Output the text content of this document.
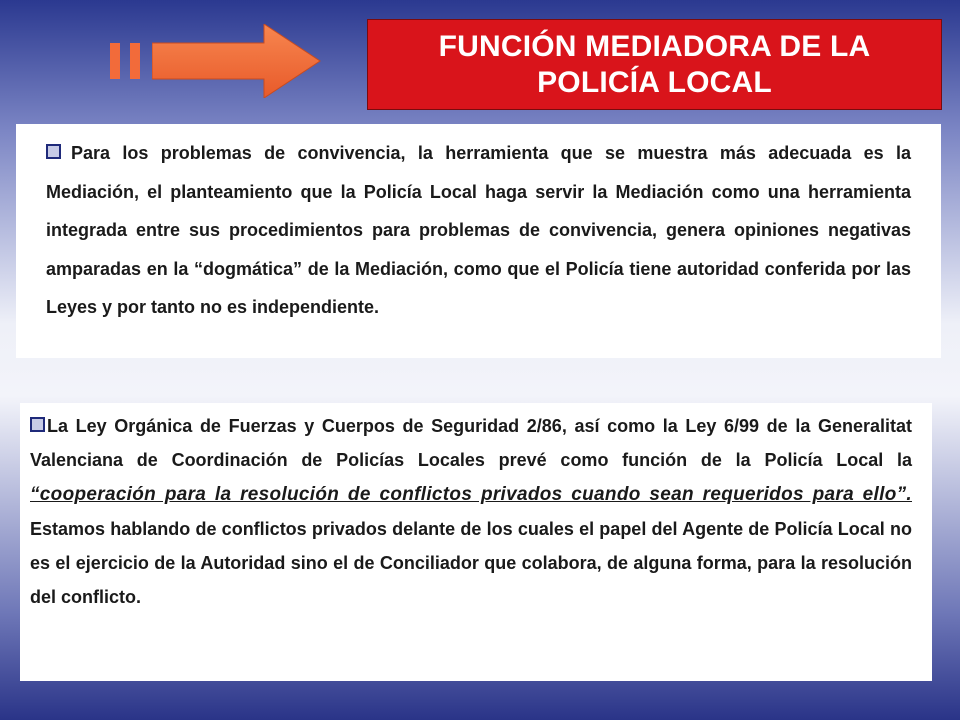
FUNCIÓN MEDIADORA DE LA
POLICÍA LOCAL
Para los problemas de convivencia, la herramienta que se muestra más adecuada es la Mediación, el planteamiento que la Policía Local haga servir la Mediación como una herramienta integrada entre sus procedimientos para problemas de convivencia, genera opiniones negativas amparadas en la “dogmática” de la Mediación, como que el Policía tiene autoridad conferida por las Leyes y por tanto no es independiente.
La Ley Orgánica de Fuerzas y Cuerpos de Seguridad 2/86, así como la Ley 6/99 de la Generalitat Valenciana de Coordinación de Policías Locales prevé como función de la Policía Local la “cooperación para la resolución de conflictos privados cuando sean requeridos para ello”. Estamos hablando de conflictos privados delante de los cuales el papel del Agente de Policía Local no es el ejercicio de la Autoridad sino el de Conciliador que colabora, de alguna forma, para la resolución del conflicto.
